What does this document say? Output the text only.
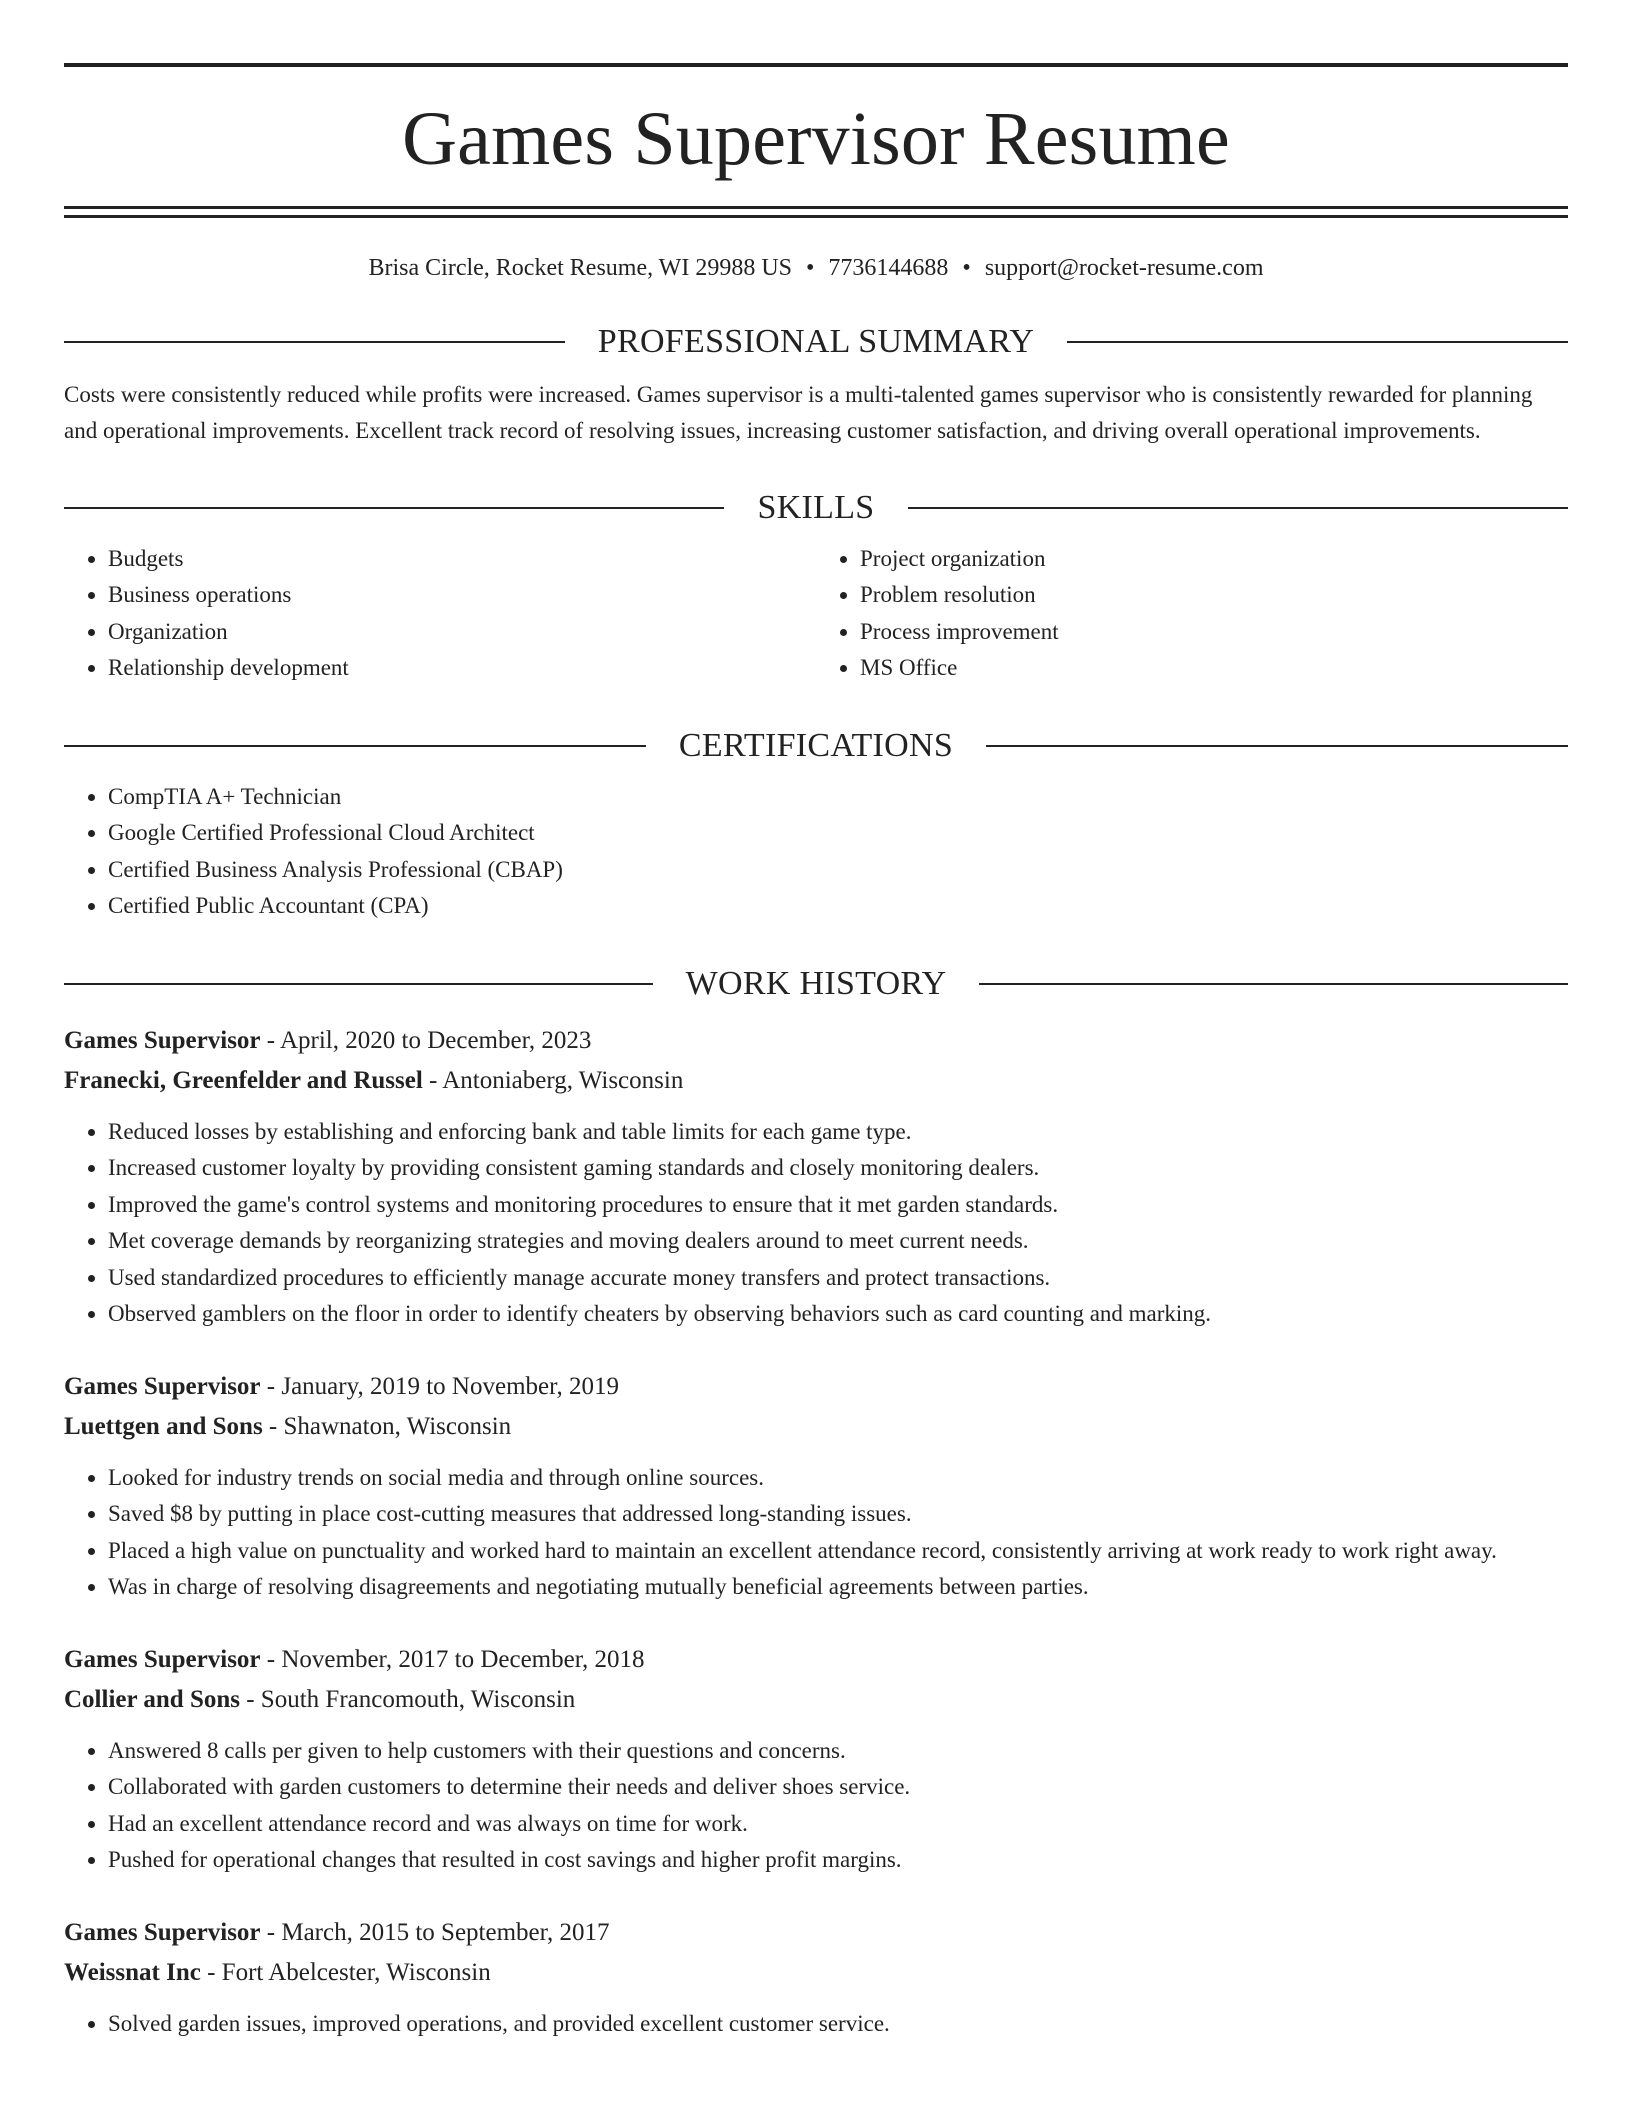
Games Supervisor Resume
Brisa Circle, Rocket Resume, WI 29988 US • 7736144688 • support@rocket-resume.com
PROFESSIONAL SUMMARY

Costs were consistently reduced while profits were increased. Games supervisor is a multi-talented games supervisor who is consistently rewarded for planning and operational improvements. Excellent track record of resolving issues, increasing customer satisfaction, and driving overall operational improvements.

SKILLS
• Budgets
• Business operations
• Organization
• Relationship development
• Project organization
• Problem resolution
• Process improvement
• MS Office
CERTIFICATIONS
• CompTIA A+ Technician
• Google Certified Professional Cloud Architect
• Certified Business Analysis Professional (CBAP)
• Certified Public Accountant (CPA)
WORK HISTORY
Games Supervisor - April, 2020 to December, 2023
Franecki, Greenfelder and Russel - Antoniaberg, Wisconsin
• Reduced losses by establishing and enforcing bank and table limits for each game type.
• Increased customer loyalty by providing consistent gaming standards and closely monitoring dealers.
• Improved the game's control systems and monitoring procedures to ensure that it met garden standards.
• Met coverage demands by reorganizing strategies and moving dealers around to meet current needs.
• Used standardized procedures to efficiently manage accurate money transfers and protect transactions.
• Observed gamblers on the floor in order to identify cheaters by observing behaviors such as card counting and marking.
Games Supervisor - January, 2019 to November, 2019
Luettgen and Sons - Shawnaton, Wisconsin
• Looked for industry trends on social media and through online sources.
• Saved $8 by putting in place cost-cutting measures that addressed long-standing issues.
• Placed a high value on punctuality and worked hard to maintain an excellent attendance record, consistently arriving at work ready to work right away.
• Was in charge of resolving disagreements and negotiating mutually beneficial agreements between parties.
Games Supervisor - November, 2017 to December, 2018
Collier and Sons - South Francomouth, Wisconsin
• Answered 8 calls per given to help customers with their questions and concerns.
• Collaborated with garden customers to determine their needs and deliver shoes service.
• Had an excellent attendance record and was always on time for work.
• Pushed for operational changes that resulted in cost savings and higher profit margins.
Games Supervisor - March, 2015 to September, 2017
Weissnat Inc - Fort Abelcester, Wisconsin
• Solved garden issues, improved operations, and provided excellent customer service.
